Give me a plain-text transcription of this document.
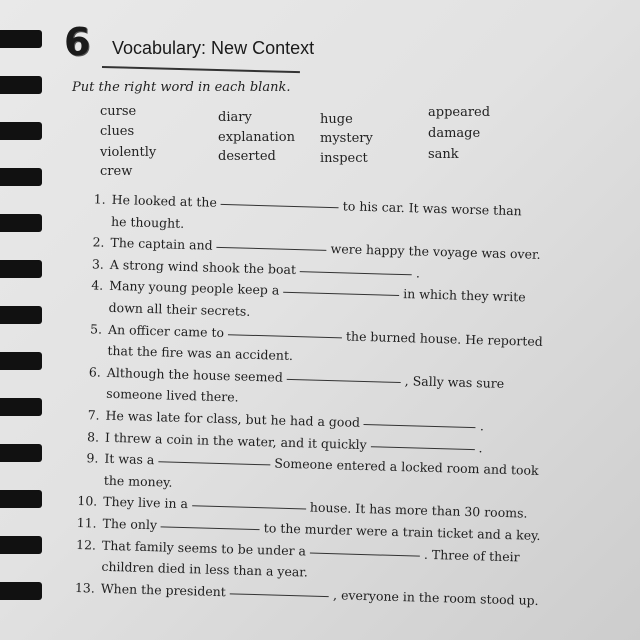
6	Vocabulary: New Context
Put the right word in each blank.
curse
clues
violently
crew
diary
explanation
deserted
huge
mystery
inspect
appeared
damage
sank
1. He looked at the	to his car. It was worse than
he thought.
2. The captain and	were happy the voyage was over.
3. A strong wind shook the boat	.
4. Many young people keep a	in which they write
down all their secrets.
5. An officer came to	the burned house. He reported
that the fire was an accident.
6. Although the house seemed	, Sally was sure
someone lived there.
7. He was late for class, but he had a good	.
8. I threw a coin in the water, and it quickly	.
9. It was a	Someone entered a locked room and took
the money.
10. They live in a	house. It has more than 30 rooms.
11. The only	to the murder were a train ticket and a key.
12. That family seems to be under a	. Three of their
children died in less than a year.
13. When the president	, everyone in the room stood up.
